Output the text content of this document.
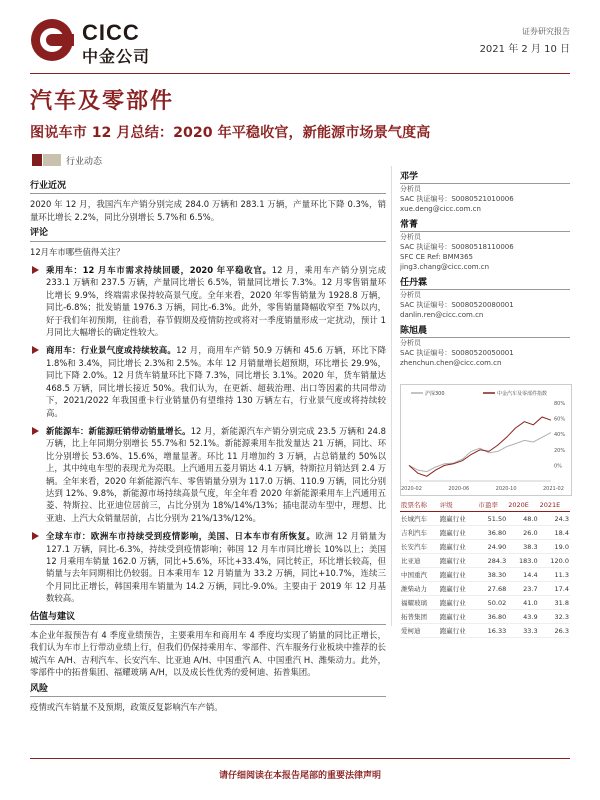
CICC
中金公司
证券研究报告
2021 年 2 月 10 日
汽车及零部件
图说车市 12 月总结：2020 年平稳收官，新能源市场景气度高
行业动态
行业近况

2020 年 12 月，我国汽车产销分别完成 284.0 万辆和 283.1 万辆，产量环比下降 0.3%，销量环比增长 2.2%，同比分别增长 5.7%和 6.5%。

评论

12月车市哪些值得关注？

乘用车：12 月车市需求持续回暖，2020 年平稳收官。12 月，乘用车产销分别完成 233.1 万辆和 237.5 万辆，产量同比增长 6.5%，销量同比增长 7.3%。12 月零售销量环比增长 9.9%，终端需求保持较高景气度。全年来看，2020 年零售销量为 1928.8 万辆，同比-6.8%；批发销量 1976.3 万辆，同比-6.3%。此外，零售销量降幅收窄至 7%以内，好于我们年初预期，往前看，春节假期及疫情防控或将对一季度销量形成一定扰动，预计 1 月同比大幅增长的确定性较大。
商用车：行业景气度或持续较高。12 月，商用车产销 50.9 万辆和 45.6 万辆，环比下降 1.8%和 3.4%，同比增长 2.3%和 2.5%。本年 12 月销量增长超预期，环比增长 29.9%，同比下降 2.0%。12 月货车销量环比下降 7.3%，同比增长 3.1%。2020 年，货车销量达 468.5 万辆，同比增长接近 50%。我们认为，在更新、超载治理、出口等因素的共同带动下，2021/2022 年我国重卡行业销量仍有望维持 130 万辆左右，行业景气度或将持续较高。
新能源车：新能源旺销带动销量增长。12 月，新能源汽车产销分别完成 23.5 万辆和 24.8 万辆，比上年同期分别增长 55.7%和 52.1%。新能源乘用车批发量达 21 万辆，同比、环比分别增长 53.6%、15.6%，增量显著。环比 11 月增加约 3 万辆，占总销量约 50%以上，其中纯电车型的表现尤为亮眼。上汽通用五菱月销达 4.1 万辆，特斯拉月销达到 2.4 万辆。全年来看，2020 年新能源汽车、零售销量分别为 117.0 万辆、110.9 万辆，同比分别达到 12%、9.8%，新能源市场持续高景气度，年全年看 2020 年新能源乘用车上汽通用五菱、特斯拉、比亚迪位居前三，占比分别为 18%/14%/13%；插电混动车型中，理想、比亚迪、上汽大众销量居前，占比分别为 21%/13%/12%。
全球车市：欧洲车市持续受到疫情影响，美国、日本车市有所恢复。欧洲 12 月销量为 127.1 万辆，同比-6.3%，持续受到疫情影响；韩国 12 月车市同比增长 10%以上；美国 12 月乘用车销量 162.0 万辆，同比+5.6%，环比+33.4%，同比转正，环比增长较高，但销量与去年同期相比仍较弱。日本乘用车 12 月销量为 33.2 万辆，同比+10.7%，连续三个月同比正增长，韩国乘用车销量为 14.2 万辆，同比-9.0%。主要由于 2019 年 12 月基数较高。
估值与建议

本企业年报预告有 4 季度业绩预告，主要乘用车和商用车 4 季度均实现了销量的同比正增长，我们认为车市上行带动业绩上行，但我们仍保持乘用车、零部件、汽车服务行业板块中推荐的长城汽车 A/H、吉利汽车、长安汽车、比亚迪 A/H、中国重汽 A、中国重汽 H、潍柴动力。此外，零部件中的拓普集团、福耀玻璃 A/H，以及成长性优秀的爱柯迪、拓普集团。

风险

疫情或汽车销量不及预期，政策反复影响汽车产销。

邓学
分析员
SAC 执证编号：S0080521010006
xue.deng@cicc.com.cn
常菁
分析员
SAC 执证编号：S0080518110006
SFC CE Ref: BMM365
jing3.chang@cicc.com.cn
任丹霖
分析员
SAC 执证编号：S0080520080001
danlin.ren@cicc.com.cn
陈旭晨
分析员
SAC 执证编号：S0080520050001
zhenchun.chen@cicc.com.cn
沪深300	中金汽车及零部件指数
0%
20%
40%
60%
80%
2020-02	2020-06	2020-10	2021-02
股票名称	评级	市盈率	2020E	2021E
长城汽车	跑赢行业	51.50	48.0	24.3
吉利汽车	跑赢行业	36.80	26.0	18.4
长安汽车	跑赢行业	24.90	38.3	19.0
比亚迪	跑赢行业	284.3	183.0	120.0
中国重汽	跑赢行业	38.30	14.4	11.3
潍柴动力	跑赢行业	27.68	23.7	17.4
福耀玻璃	跑赢行业	50.02	41.0	31.8
拓普集团	跑赢行业	36.80	43.9	32.3
爱柯迪	跑赢行业	16.33	33.3	26.3
请仔细阅读在本报告尾部的重要法律声明
